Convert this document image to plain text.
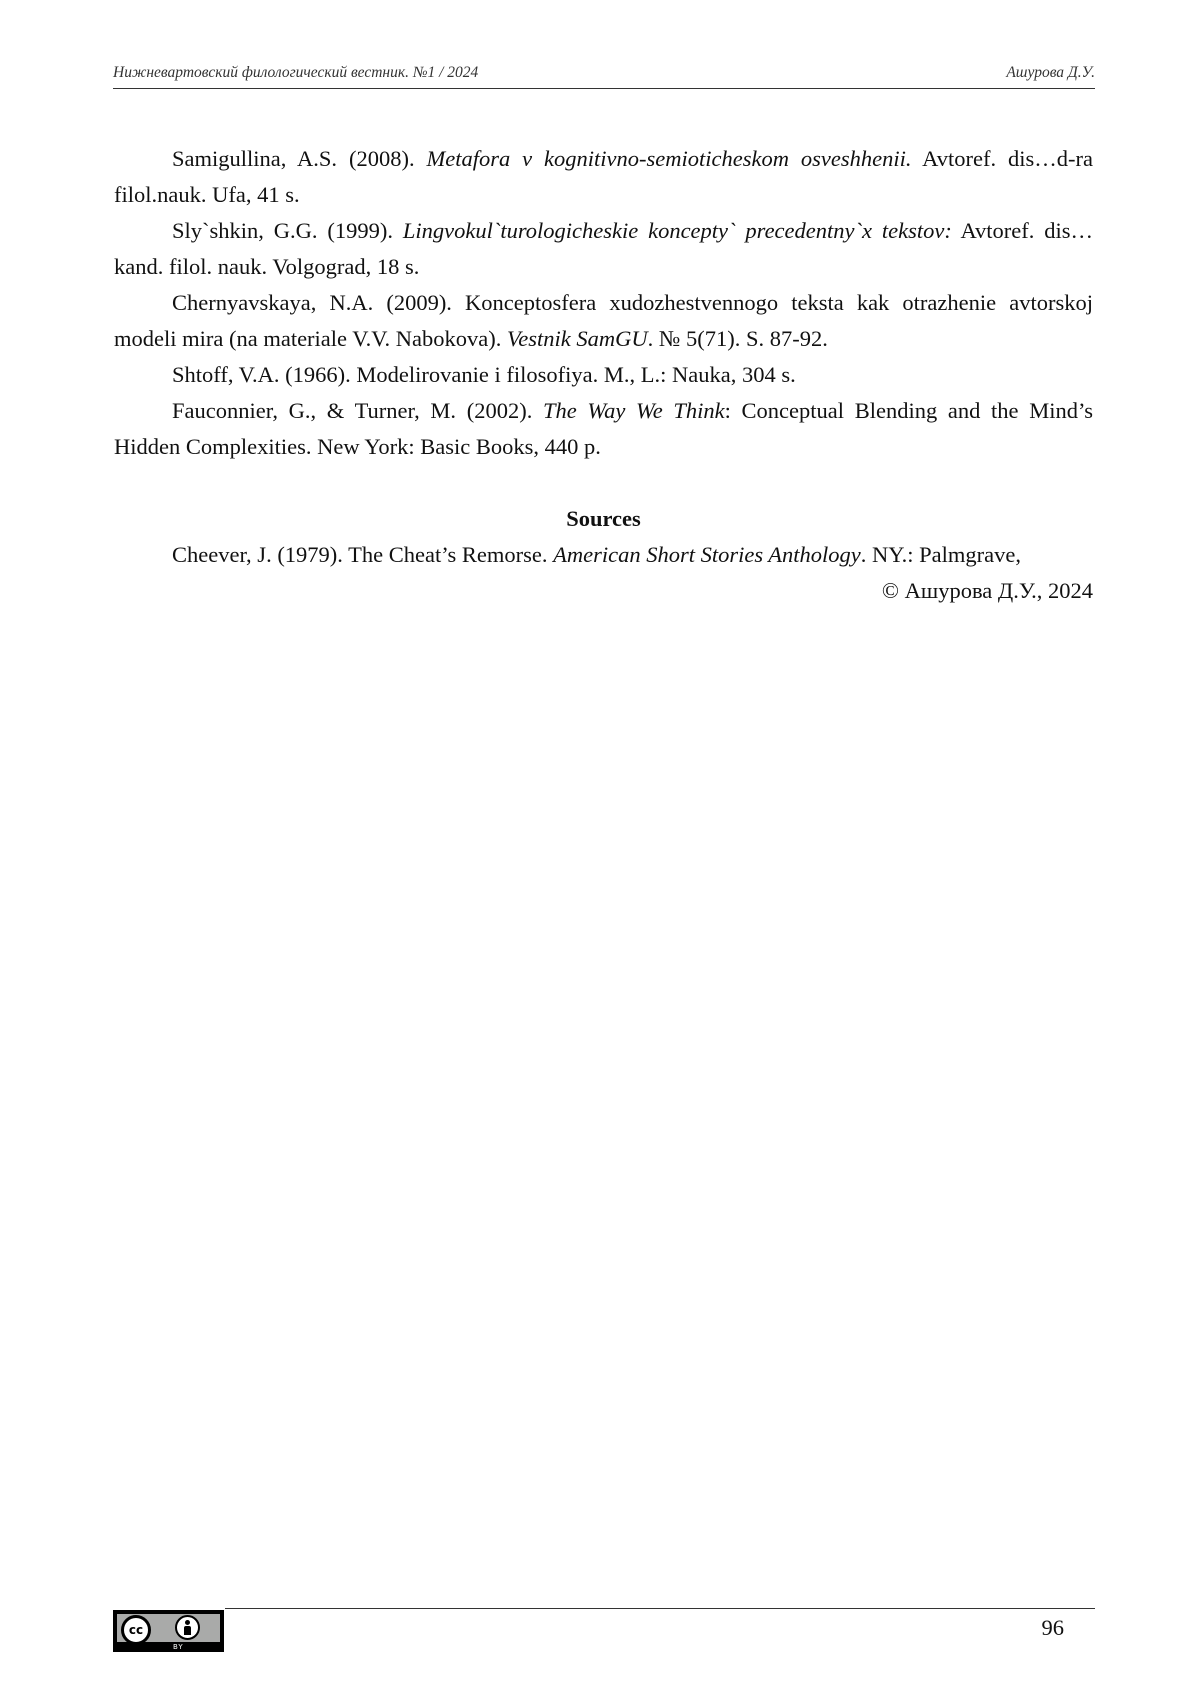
Нижневартовский филологический вестник. №1 / 2024	Ашурова Д.У.

Samigullina, A.S. (2008). Metafora v kognitivno-semioticheskom osveshhenii. Avtoref. dis…d-ra filol.nauk. Ufa, 41 s.

Sly`shkin, G.G. (1999). Lingvokul`turologicheskie koncepty` precedentny`x tekstov: Avtoref. dis… kand. filol. nauk. Volgograd, 18 s.

Chernyavskaya, N.A. (2009). Konceptosfera xudozhestvennogo teksta kak otrazhenie avtorskoj modeli mira (na materiale V.V. Nabokova). Vestnik SamGU. № 5(71). S. 87-92.

Shtoff, V.A. (1966). Modelirovanie i filosofiya. M., L.: Nauka, 304 s.

Fauconnier, G., & Turner, M. (2002). The Way We Think: Conceptual Blending and the Mind’s Hidden Complexities. New York: Basic Books, 440 p.

Sources

Cheever, J. (1979). The Cheat’s Remorse. American Short Stories Anthology. NY.: Palmgrave,

© Ашурова Д.У., 2024

cc
BY
96
